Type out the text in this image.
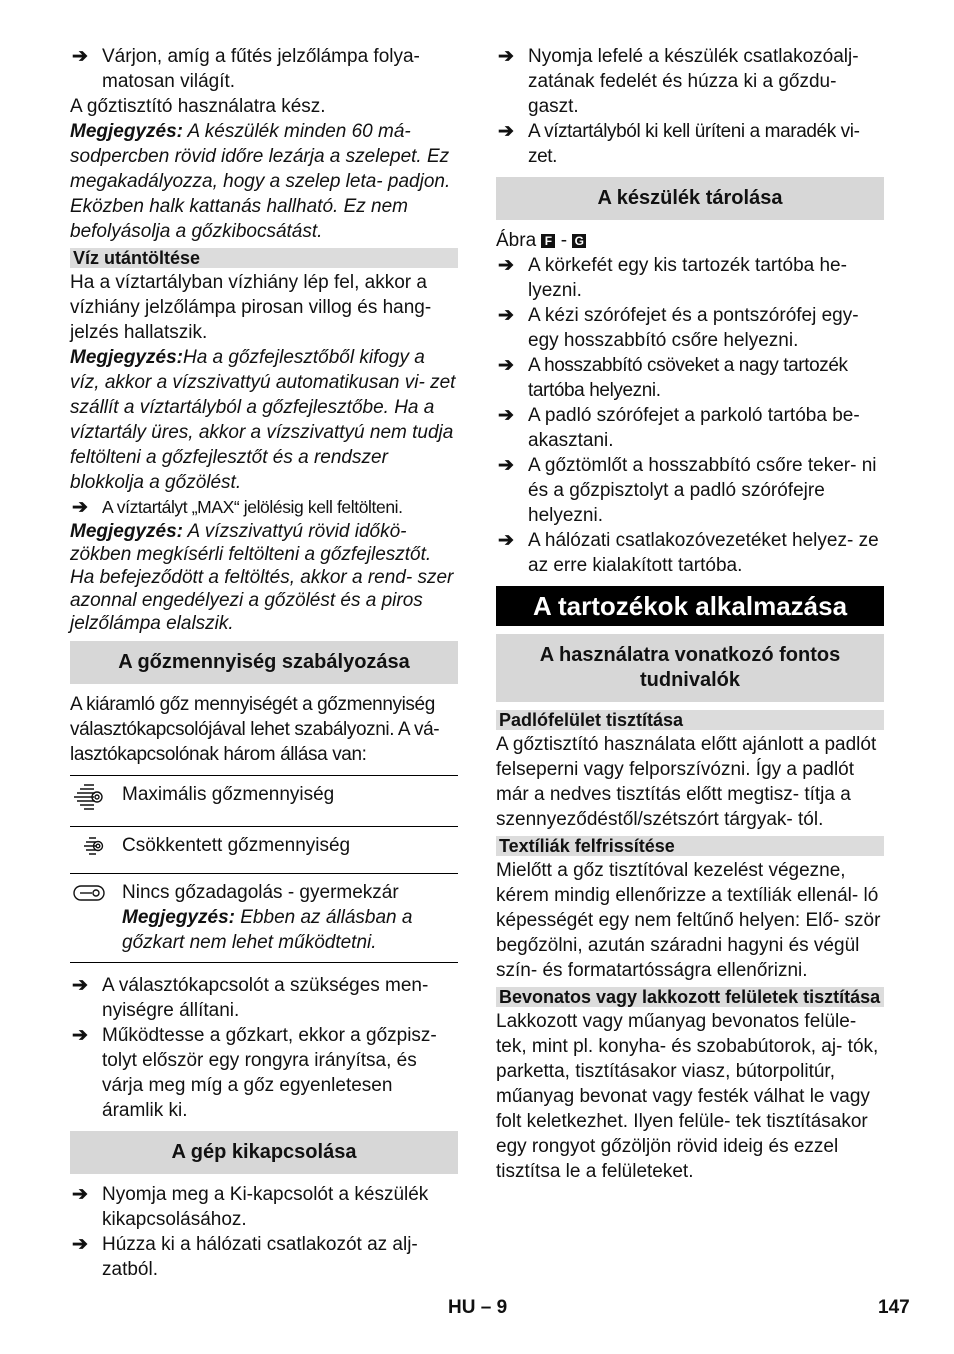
➔ Várjon, amíg a fűtés jelzőlámpa folya- matosan világít.

A gőztisztító használatra kész.

Megjegyzés: A készülék minden 60 má- sodpercben rövid időre lezárja a szelepet. Ez megakadályozza, hogy a szelep leta- padjon. Eközben halk kattanás hallható. Ez nem befolyásolja a gőzkibocsátást.

Víz utántöltése

Ha a víztartályban vízhiány lép fel, akkor a vízhiány jelzőlámpa pirosan villog és hang- jelzés hallatszik.

Megjegyzés:Ha a gőzfejlesztőből kifogy a víz, akkor a vízszivattyú automatikusan vi- zet szállít a víztartályból a gőzfejlesztőbe. Ha a víztartály üres, akkor a vízszivattyú nem tudja feltölteni a gőzfejlesztőt és a rendszer blokkolja a gőzölést.

➔ A víztartályt „MAX“ jelölésig kell feltölteni.

Megjegyzés: A vízszivattyú rövid időkö- zökben megkísérli feltölteni a gőzfejlesztőt. Ha befejeződött a feltöltés, akkor a rend- szer azonnal engedélyezi a gőzölést és a piros jelzőlámpa elalszik.

A gőzmennyiség szabályozása

A kiáramló gőz mennyiségét a gőzmennyiség választókapcsolójával lehet szabályozni. A vá- lasztókapcsolónak három állása van:

	Maximális gőzmennyiség
	Csökkentett gőzmennyiség

Nincs gőzadagolás - gyermekzár
Megjegyzés: Ebben az állásban a gőzkart nem lehet működtetni.
➔ A választókapcsolót a szükséges men- nyiségre állítani.
➔ Működtesse a gőzkart, ekkor a gőzpisz- tolyt először egy rongyra irányítsa, és várja meg míg a gőz egyenletesen áramlik ki.
A gép kikapcsolása
➔ Nyomja meg a Ki-kapcsolót a készülék kikapcsolásához.
➔ Húzza ki a hálózati csatlakozót az alj- zatból.
➔ Nyomja lefelé a készülék csatlakozóalj- zatának fedelét és húzza ki a gőzdu- gaszt.
➔ A víztartályból ki kell üríteni a maradék vi- zet.
A készülék tárolása

Ábra F - G

➔ A körkefét egy kis tartozék tartóba he- lyezni.
➔ A kézi szórófejet és a pontszórófej egy- egy hosszabbító csőre helyezni.
➔ A hosszabbító csöveket a nagy tartozék tartóba helyezni.
➔ A padló szórófejet a parkoló tartóba be- akasztani.
➔ A gőztömlőt a hosszabbító csőre teker- ni és a gőzpisztolyt a padló szórófejre helyezni.
➔ A hálózati csatlakozóvezetéket helyez- ze az erre kialakított tartóba.
A tartozékok alkalmazása
A használatra vonatkozó fontos tudnivalók
Padlófelület tisztítása

A gőztisztító használata előtt ajánlott a padlót felseperni vagy felporszívózni. Így a padlót már a nedves tisztítás előtt megtisz- títja a szennyeződéstől/szétszórt tárgyak- tól.

Textíliák felfrissítése

Mielőtt a gőz tisztítóval kezelést végezne, kérem mindig ellenőrizze a textíliák ellenál- ló képességét egy nem feltűnő helyen: Elő- ször begőzölni, azután száradni hagyni és végül szín- és formatartósságra ellenőrizni.

Bevonatos vagy lakkozott felületek tisztítása

Lakkozott vagy műanyag bevonatos felüle- tek, mint pl. konyha- és szobabútorok, aj- tók, parketta, tisztításakor viasz, bútorpolitúr, műanyag bevonat vagy festék válhat le vagy folt keletkezhet. Ilyen felüle- tek tisztításakor egy rongyot gőzöljön rövid ideig és ezzel tisztítsa le a felületeket.

HU – 9	147
